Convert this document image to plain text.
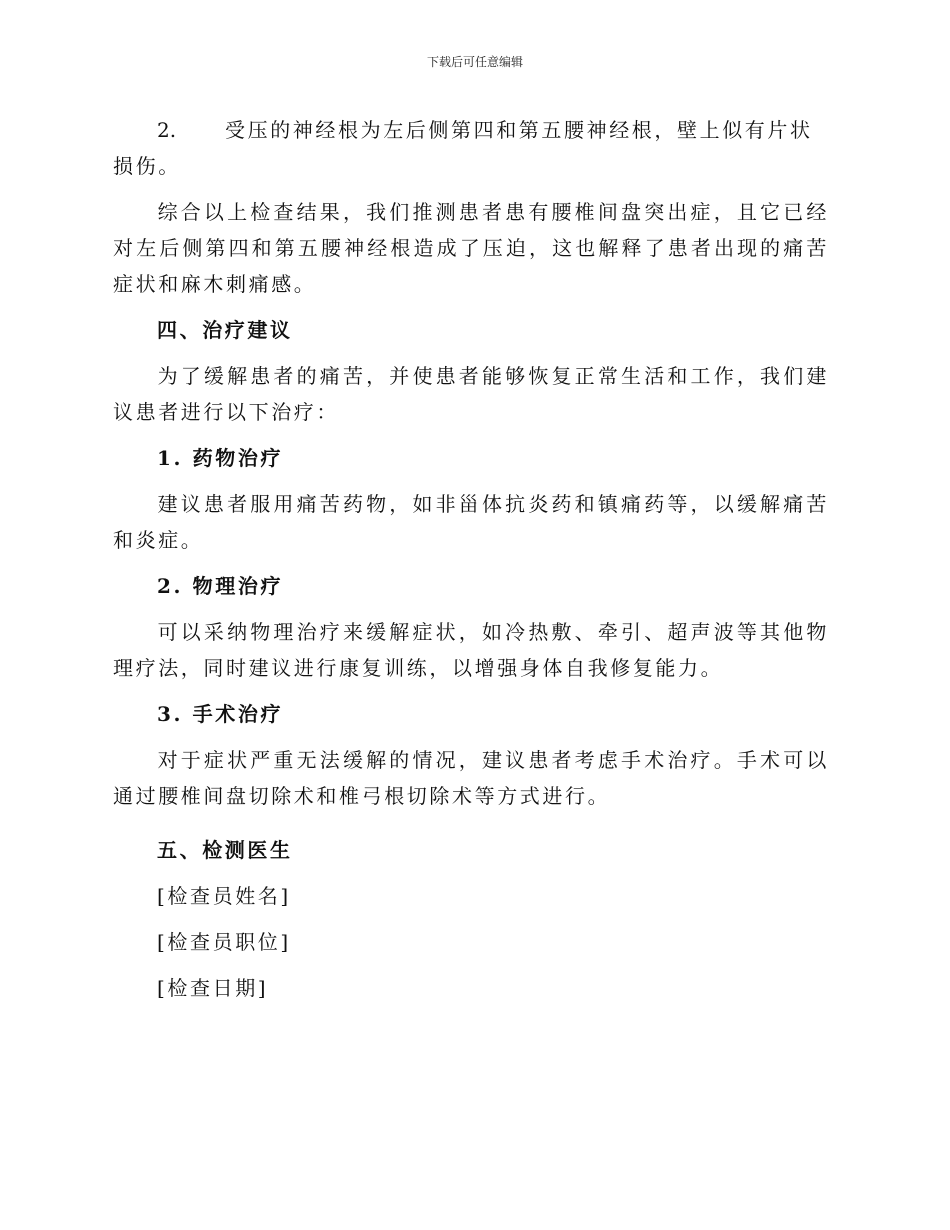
下载后可任意编辑

2. 受压的神经根为左后侧第四和第五腰神经根，壁上似有片状损伤。

综合以上检查结果，我们推测患者患有腰椎间盘突出症，且它已经对左后侧第四和第五腰神经根造成了压迫，这也解释了患者出现的痛苦症状和麻木刺痛感。

四、治疗建议

为了缓解患者的痛苦，并使患者能够恢复正常生活和工作，我们建议患者进行以下治疗：

1. 药物治疗

建议患者服用痛苦药物，如非甾体抗炎药和镇痛药等，以缓解痛苦和炎症。

2. 物理治疗

可以采纳物理治疗来缓解症状，如冷热敷、牵引、超声波等其他物理疗法，同时建议进行康复训练，以增强身体自我修复能力。

3. 手术治疗

对于症状严重无法缓解的情况，建议患者考虑手术治疗。手术可以通过腰椎间盘切除术和椎弓根切除术等方式进行。

五、检测医生

[检查员姓名]

[检查员职位]

[检查日期]
